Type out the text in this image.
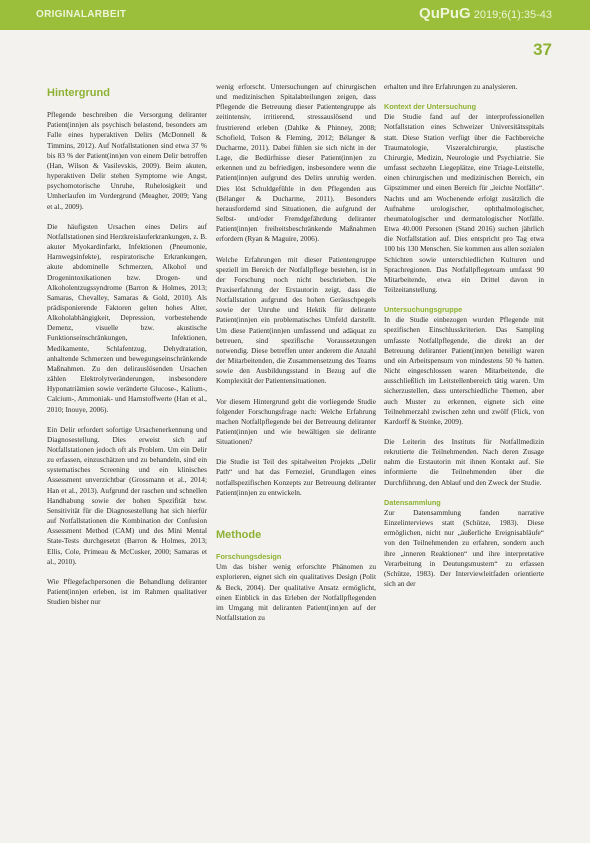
ORIGINALARBEIT	QuPuG 2019;6(1):35-43
37
Hintergrund

Pflegende beschreiben die Versorgung deliranter Patient(inn)en als psychisch belastend, besonders am Falle eines hyperaktiven Delirs (McDonnell & Timmins, 2012). Auf Notfallstationen sind etwa 37 % bis 83 % der Patient(inn)en von einem Delir betroffen (Han, Wilson & Vasilevskis, 2009). Beim akuten, hyperaktiven Delir stehen Symptome wie Angst, psychomotorische Unruhe, Ruhelosigkeit und Umherlaufen im Vordergrund (Meagher, 2009; Yang et al., 2009).

Die häufigsten Ursachen eines Delirs auf Notfallstationen sind Herzkreislauferkrankungen, z. B. akuter Myokardinfarkt, Infektionen (Pneumonie, Harnwegsinfekte), respiratorische Erkrankungen, akute abdominelle Schmerzen, Alkohol und Drogenintoxikationen bzw. Drogen- und Alkoholentzugssyndrome (Barron & Holmes, 2013; Samaras, Chevalley, Samaras & Gold, 2010). Als prädisponierende Faktoren gelten hohes Alter, Alkoholabhängigkeit, Depression, vorbestehende Demenz, visuelle bzw. akustische Funktionseinschränkungen, Infektionen, Medikamente, Schlafentzug, Dehydratation, anhaltende Schmerzen und bewegungseinschränkende Maßnahmen. Zu den delirauslösenden Ursachen zählen Elektrolytveränderungen, insbesondere Hyponatriämien sowie veränderte Glucose-, Kalium-, Calcium-, Ammoniak- und Harnstoffwerte (Han et al., 2010; Inouye, 2006).

Ein Delir erfordert sofortige Ursachenerkennung und Diagnosestellung. Dies erweist sich auf Notfallstationen jedoch oft als Problem. Um ein Delir zu erfassen, einzuschätzen und zu behandeln, sind ein systematisches Screening und ein klinisches Assessment unverzichtbar (Grossmann et al., 2014; Han et al., 2013). Aufgrund der raschen und schnellen Handhabung sowie der hohen Spezifität bzw. Sensitivität für die Diagnosestellung hat sich hierfür auf Notfallstationen die Kombination der Confusion Assessment Method (CAM) und des Mini Mental State-Tests durchgesetzt (Barron & Holmes, 2013; Ellis, Cole, Primeau & McCusker, 2000; Samaras et al., 2010).

Wie Pflegefachpersonen die Behandlung deliranter Patient(inn)en erleben, ist im Rahmen qualitativer Studien bisher nur

wenig erforscht. Untersuchungen auf chirurgischen und medizinischen Spitalabteilungen zeigen, dass Pflegende die Betreuung dieser Patientengruppe als zeitintensiv, irritierend, stressauslösend und frustrierend erleben (Dahlke & Phinney, 2008; Schofield, Tolson & Fleming, 2012; Bélanger & Ducharme, 2011). Dabei fühlen sie sich nicht in der Lage, die Bedürfnisse dieser Patient(inn)en zu erkennen und zu befriedigen, insbesondere wenn die Patient(inn)en aufgrund des Delirs unruhig werden. Dies löst Schuldgefühle in den Pflegenden aus (Bélanger & Ducharme, 2011). Besonders herausfordernd sind Situationen, die aufgrund der Selbst- und/oder Fremdgefährdung deliranter Patient(inn)en freiheitsbeschränkende Maßnahmen erfordern (Ryan & Maguire, 2006).

Welche Erfahrungen mit dieser Patientengruppe speziell im Bereich der Notfallpflege bestehen, ist in der Forschung noch nicht beschrieben. Die Praxiserfahrung der Erstautorin zeigt, dass die Notfallstation aufgrund des hohen Geräuschpegels sowie der Unruhe und Hektik für delirante Patient(inn)en ein problematisches Umfeld darstellt. Um diese Patient(inn)en umfassend und adäquat zu betreuen, sind spezifische Voraussetzungen notwendig. Diese betreffen unter anderem die Anzahl der Mitarbeitenden, die Zusammensetzung des Teams sowie den Ausbildungsstand in Bezug auf die Komplexität der Patientensituationen.

Vor diesem Hintergrund geht die vorliegende Studie folgender Forschungsfrage nach: Welche Erfahrung machen Notfallpflegende bei der Betreuung deliranter Patient(inn)en und wie bewältigen sie delirante Situationen?

Die Studie ist Teil des spitalweiten Projekts „Delir Path“ und hat das Ferneziel, Grundlagen eines notfallspezifischen Konzepts zur Betreuung deliranter Patient(inn)en zu entwickeln.

Methode
Forschungsdesign

Um das bisher wenig erforschte Phänomen zu explorieren, eignet sich ein qualitatives Design (Polit & Beck, 2004). Der qualitative Ansatz ermöglicht, einen Einblick in das Erleben der Notfallpflegenden im Umgang mit deliranten Patient(inn)en auf der Notfallstation zu

erhalten und ihre Erfahrungen zu analysieren.

Kontext der Untersuchung

Die Studie fand auf der interprofessionellen Notfallstation eines Schweizer Universitätsspitals statt. Diese Station verfügt über die Fachbereiche Traumatologie, Viszeralchirurgie, plastische Chirurgie, Medizin, Neurologie und Psychiatrie. Sie umfasst sechzehn Liegeplätze, eine Triage-Leitstelle, einen chirurgischen und medizinischen Bereich, ein Gipszimmer und einen Bereich für „leichte Notfälle“. Nachts und am Wochenende erfolgt zusätzlich die Aufnahme urologischer, ophthalmologischer, rheumatologischer und dermatologischer Notfälle. Etwa 40.000 Personen (Stand 2016) suchen jährlich die Notfallstation auf. Dies entspricht pro Tag etwa 100 bis 130 Menschen. Sie kommen aus allen sozialen Schichten sowie unterschiedlichen Kulturen und Sprachregionen. Das Notfallpflegeteam umfasst 90 Mitarbeitende, etwa ein Drittel davon in Teilzeitanstellung.

Untersuchungsgruppe

In die Studie einbezogen wurden Pflegende mit spezifischen Einschlusskriterien. Das Sampling umfasste Notfallpflegende, die direkt an der Betreuung deliranter Patient(inn)en beteiligt waren und ein Arbeitspensum von mindestens 50 % hatten. Nicht eingeschlossen waren Mitarbeitende, die ausschließlich im Leitstellenbereich tätig waren. Um sicherzustellen, dass unterschiedliche Themen, aber auch Muster zu erkennen, eignete sich eine Teilnehmerzahl zwischen zehn und zwölf (Flick, von Kardorff & Steinke, 2009).

Die Leiterin des Instituts für Notfallmedizin rekrutierte die Teilnehmenden. Nach deren Zusage nahm die Erstautorin mit ihnen Kontakt auf. Sie informierte die Teilnehmenden über die Durchführung, den Ablauf und den Zweck der Studie.

Datensammlung

Zur Datensammlung fanden narrative Einzelinterviews statt (Schütze, 1983). Diese ermöglichen, nicht nur „äußerliche Ereignisabläufe“ von den Teilnehmenden zu erfahren, sondern auch ihre „inneren Reaktionen“ und ihre interpretative Verarbeitung in Deutungsmustern“ zu erfassen (Schütze, 1983). Der Interviewleitfaden orientierte sich an der
